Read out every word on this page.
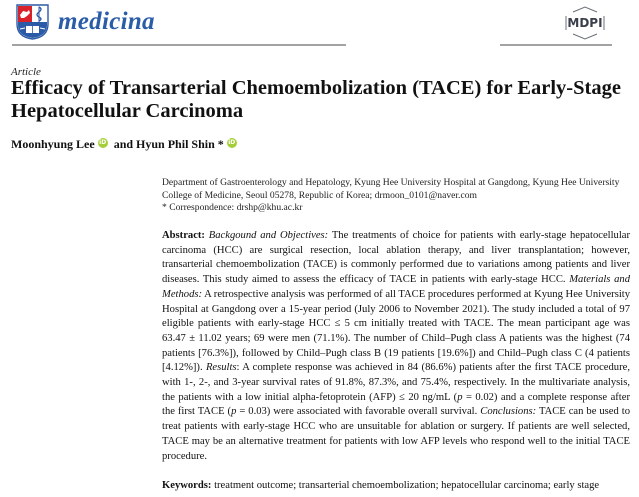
medicina	MDPI
Article
Efficacy of Transarterial Chemoembolization (TACE) for Early-Stage Hepatocellular Carcinoma
Moonhyung Lee iD and Hyun Phil Shin * iD

Department of Gastroenterology and Hepatology, Kyung Hee University Hospital at Gangdong, Kyung Hee University College of Medicine, Seoul 05278, Republic of Korea; drmoon_0101@naver.com

* Correspondence: drshp@khu.ac.kr

Abstract: Backgound and Objectives: The treatments of choice for patients with early-stage hepatocellular carcinoma (HCC) are surgical resection, local ablation therapy, and liver transplantation; however, transarterial chemoembolization (TACE) is commonly performed due to variations among patients and liver diseases. This study aimed to assess the efficacy of TACE in patients with early-stage HCC. Materials and Methods: A retrospective analysis was performed of all TACE procedures performed at Kyung Hee University Hospital at Gangdong over a 15-year period (July 2006 to November 2021). The study included a total of 97 eligible patients with early-stage HCC ≤ 5 cm initially treated with TACE. The mean participant age was 63.47 ± 11.02 years; 69 were men (71.1%). The number of Child–Pugh class A patients was the highest (74 patients [76.3%]), followed by Child–Pugh class B (19 patients [19.6%]) and Child–Pugh class C (4 patients [4.12%]). Results: A complete response was achieved in 84 (86.6%) patients after the first TACE procedure, with 1-, 2-, and 3-year survival rates of 91.8%, 87.3%, and 75.4%, respectively. In the multivariate analysis, the patients with a low initial alpha-fetoprotein (AFP) ≤ 20 ng/mL (p = 0.02) and a complete response after the first TACE (p = 0.03) were associated with favorable overall survival. Conclusions: TACE can be used to treat patients with early-stage HCC who are unsuitable for ablation or surgery. If patients are well selected, TACE may be an alternative treatment for patients with low AFP levels who respond well to the initial TACE procedure.
Keywords: treatment outcome; transarterial chemoembolization; hepatocellular carcinoma; early stage
